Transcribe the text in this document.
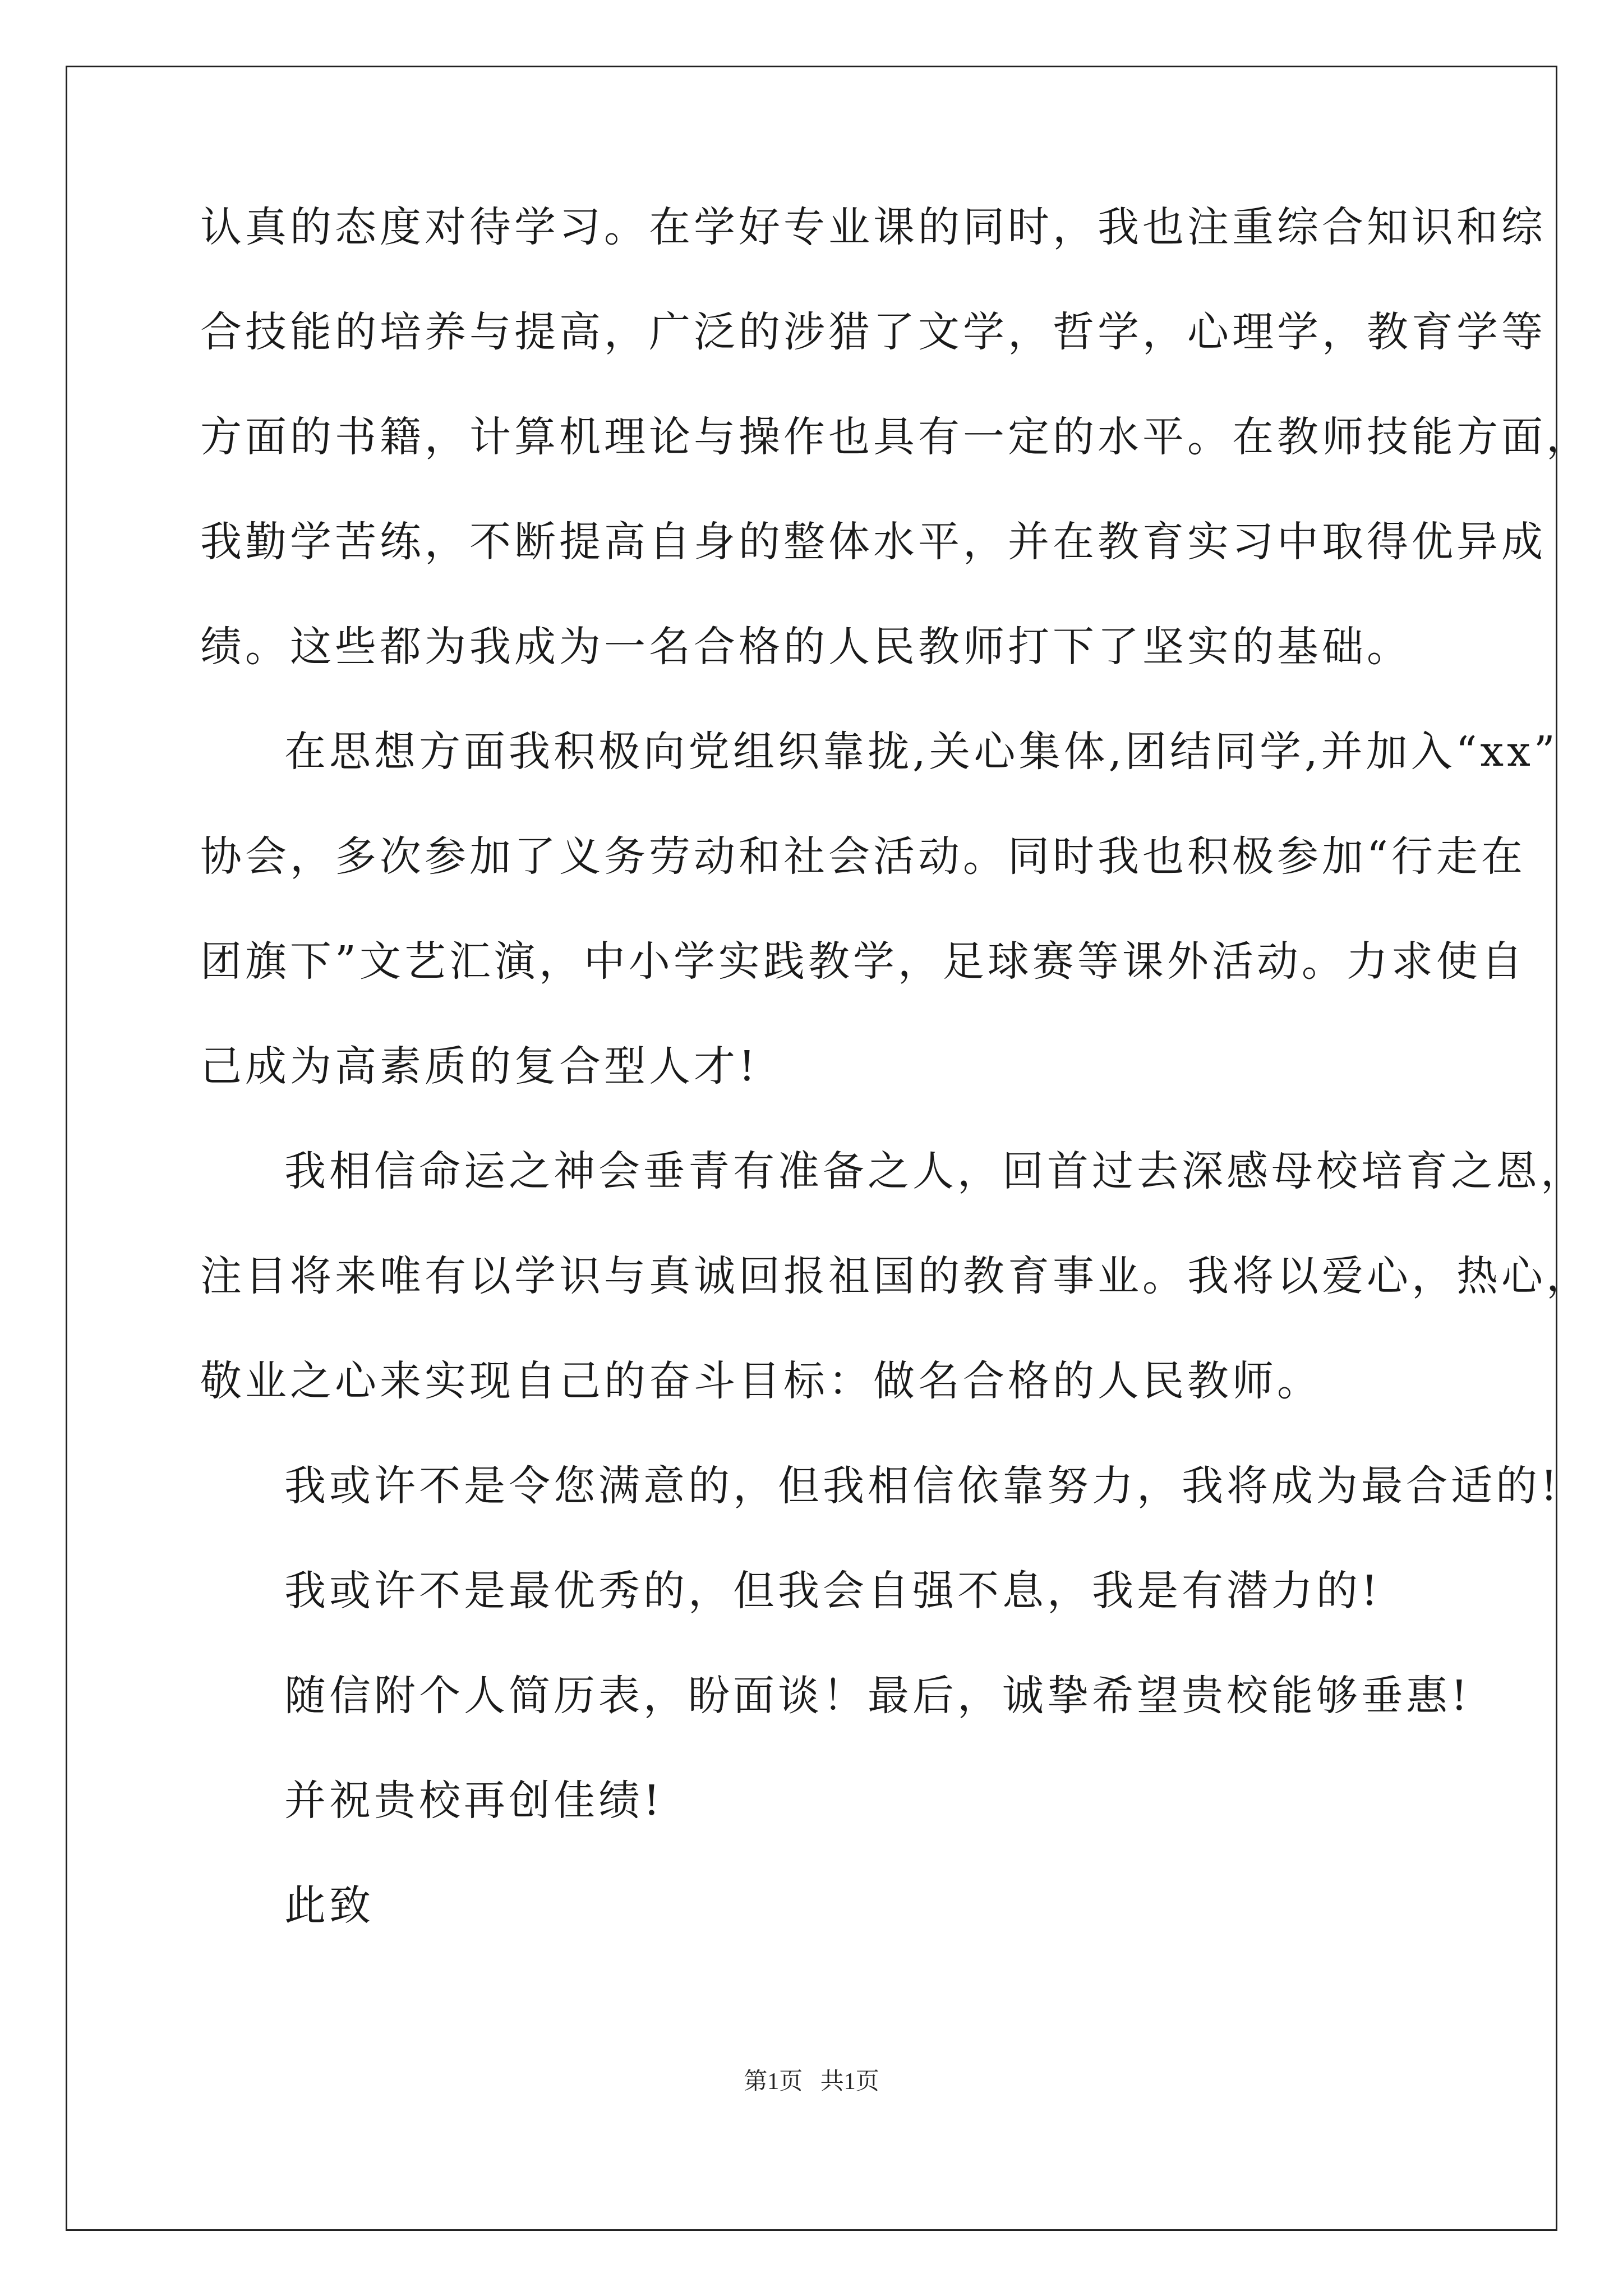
认真的态度对待学习。在学好专业课的同时，我也注重综合知识和综
合技能的培养与提高，广泛的涉猎了文学，哲学，心理学，教育学等
方面的书籍，计算机理论与操作也具有一定的水平。在教师技能方面，
我勤学苦练，不断提高自身的整体水平，并在教育实习中取得优异成
绩。这些都为我成为一名合格的人民教师打下了坚实的基础。
在思想方面我积极向党组织靠拢,关心集体,团结同学,并加入“xx”
协会，多次参加了义务劳动和社会活动。同时我也积极参加“行走在
团旗下”文艺汇演，中小学实践教学，足球赛等课外活动。力求使自
己成为高素质的复合型人才!
我相信命运之神会垂青有准备之人，回首过去深感母校培育之恩，
注目将来唯有以学识与真诚回报祖国的教育事业。我将以爱心，热心，
敬业之心来实现自己的奋斗目标：做名合格的人民教师。
我或许不是令您满意的，但我相信依靠努力，我将成为最合适的!
我或许不是最优秀的，但我会自强不息，我是有潜力的!
随信附个人简历表，盼面谈！最后，诚挚希望贵校能够垂惠!
并祝贵校再创佳绩!
此致
第1页   共1页
